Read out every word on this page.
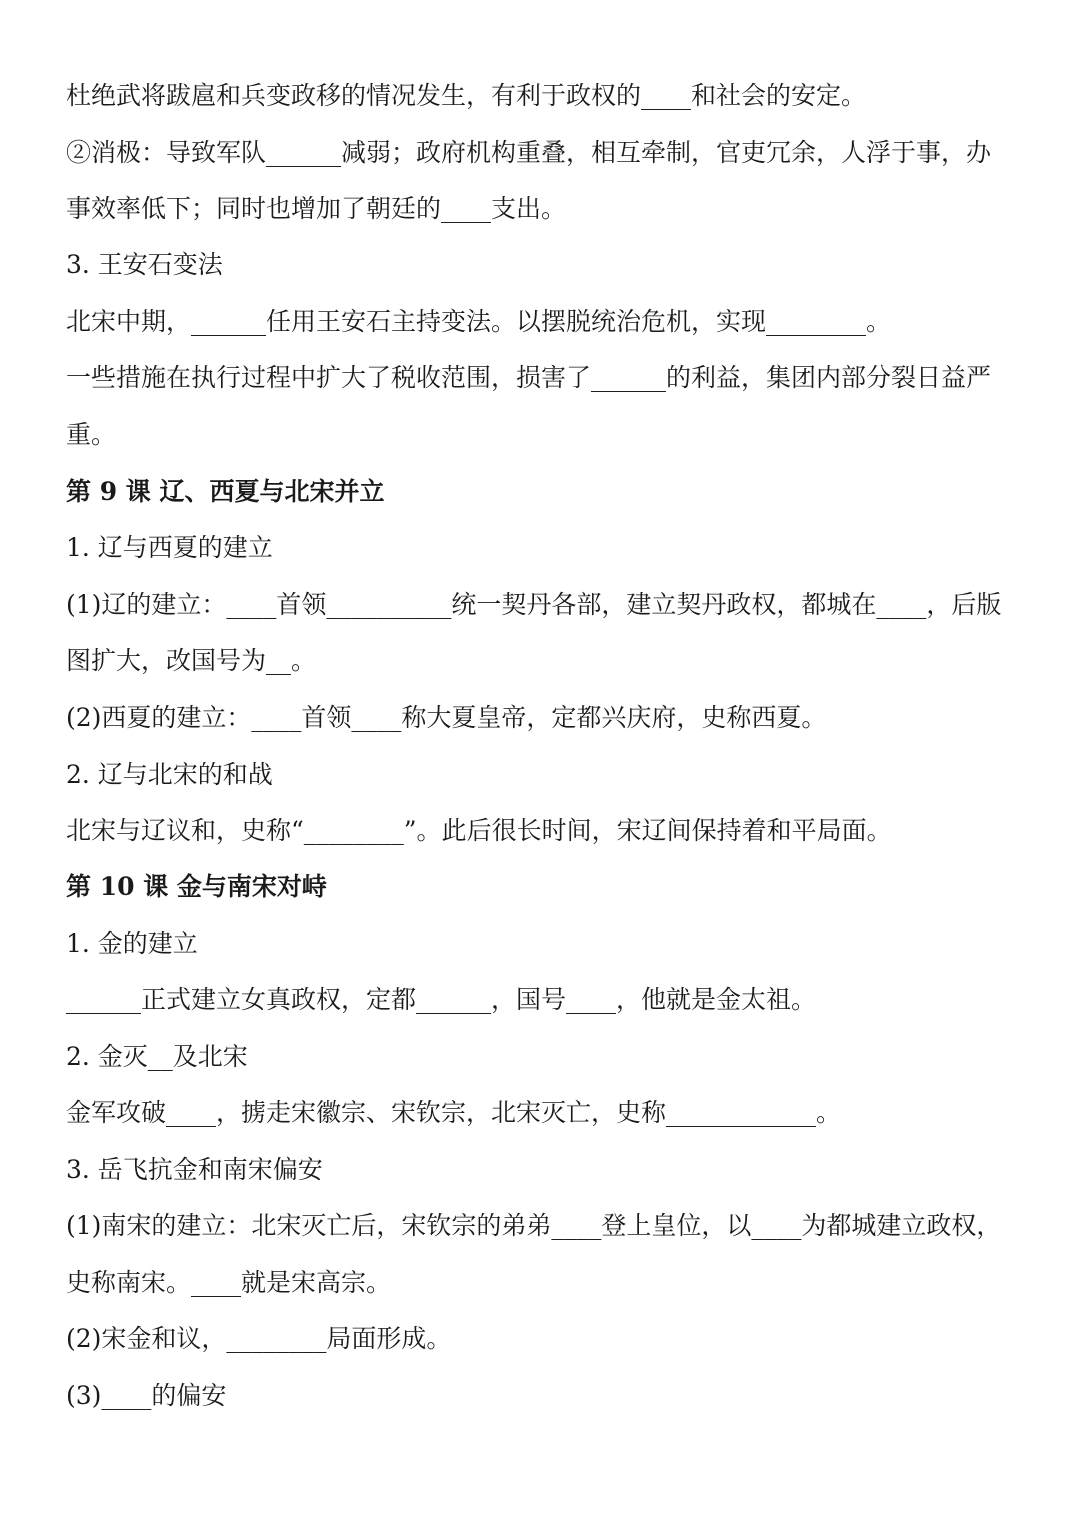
杜绝武将跋扈和兵变政移的情况发生，有利于政权的____和社会的安定。
②消极：导致军队______减弱；政府机构重叠，相互牵制，官吏冗余，人浮于事，办
事效率低下；同时也增加了朝廷的____支出。
3. 王安石变法
北宋中期，______任用王安石主持变法。以摆脱统治危机，实现________。
一些措施在执行过程中扩大了税收范围，损害了______的利益，集团内部分裂日益严
重。
第 9 课 辽、西夏与北宋并立
1. 辽与西夏的建立
(1)辽的建立：____首领__________统一契丹各部，建立契丹政权，都城在____，后版
图扩大，改国号为__。
(2)西夏的建立：____首领____称大夏皇帝，定都兴庆府，史称西夏。
2. 辽与北宋的和战
北宋与辽议和，史称“________”。此后很长时间，宋辽间保持着和平局面。
第 10 课 金与南宋对峙
1. 金的建立
______正式建立女真政权，定都______，国号____，他就是金太祖。
2. 金灭__及北宋
金军攻破____，掳走宋徽宗、宋钦宗，北宋灭亡，史称____________。
3. 岳飞抗金和南宋偏安
(1)南宋的建立：北宋灭亡后，宋钦宗的弟弟____登上皇位，以____为都城建立政权，
史称南宋。____就是宋高宗。
(2)宋金和议，________局面形成。
(3)____的偏安
